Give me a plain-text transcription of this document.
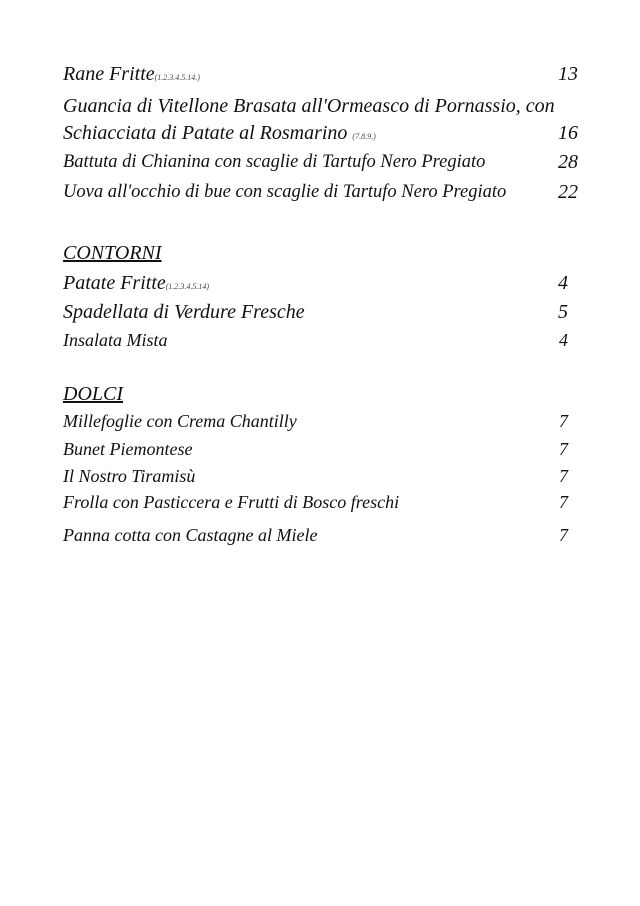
Rane Fritte(1.2.3.4.5.14.)	13
Guancia di Vitellone Brasata all'Ormeasco di Pornassio, con
Schiacciata di Patate al Rosmarino (7.8.9.)	16
Battuta di Chianina con scaglie di Tartufo Nero Pregiato	28
Uova all'occhio di bue con scaglie di Tartufo Nero Pregiato	22
CONTORNI
Patate Fritte(1.2.3.4.5.14)	4
Spadellata di Verdure Fresche	5
Insalata Mista	4
DOLCI
Millefoglie con Crema Chantilly	7
Bunet Piemontese	7
Il Nostro Tiramisù	7
Frolla con Pasticcera e Frutti di Bosco freschi	7
Panna cotta con Castagne al Miele	7
